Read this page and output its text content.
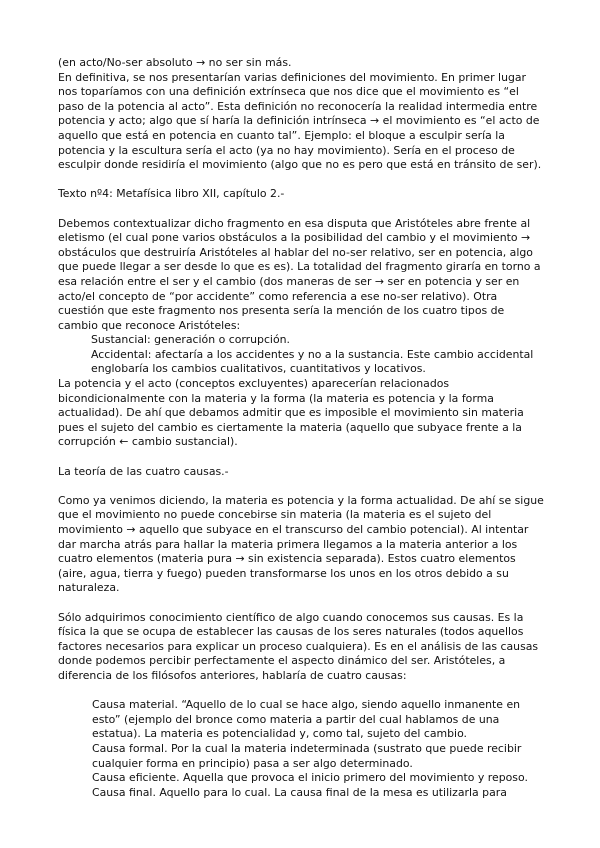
(en acto/No-ser absoluto → no ser sin más.

En definitiva, se nos presentarían varias definiciones del movimiento. En primer lugar nos toparíamos con una definición extrínseca que nos dice que el movimiento es “el paso de la potencia al acto”. Esta definición no reconocería la realidad intermedia entre potencia y acto; algo que sí haría la definición intrínseca → el movimiento es “el acto de aquello que está en potencia en cuanto tal”. Ejemplo: el bloque a esculpir sería la potencia y la escultura sería el acto (ya no hay movimiento). Sería en el proceso de esculpir donde residiría el movimiento (algo que no es pero que está en tránsito de ser).

Texto nº4: Metafísica libro XII, capítulo 2.-

Debemos contextualizar dicho fragmento en esa disputa que Aristóteles abre frente al eletismo (el cual pone varios obstáculos a la posibilidad del cambio y el movimiento → obstáculos que destruiría Aristóteles al hablar del no-ser relativo, ser en potencia, algo que puede llegar a ser desde lo que es es). La totalidad del fragmento giraría en torno a esa relación entre el ser y el cambio (dos maneras de ser → ser en potencia y ser en acto/el concepto de “por accidente” como referencia a ese no-ser relativo). Otra cuestión que este fragmento nos presenta sería la mención de los cuatro tipos de cambio que reconoce Aristóteles:

Sustancial: generación o corrupción.

Accidental: afectaría a los accidentes y no a la sustancia. Este cambio accidental englobaría los cambios cualitativos, cuantitativos y locativos.

La potencia y el acto (conceptos excluyentes) aparecerían relacionados bicondicionalmente con la materia y la forma (la materia es potencia y la forma actualidad). De ahí que debamos admitir que es imposible el movimiento sin materia pues el sujeto del cambio es ciertamente la materia (aquello que subyace frente a la corrupción ← cambio sustancial).

La teoría de las cuatro causas.-

Como ya venimos diciendo, la materia es potencia y la forma actualidad. De ahí se sigue que el movimiento no puede concebirse sin materia (la materia es el sujeto del movimiento → aquello que subyace en el transcurso del cambio potencial). Al intentar dar marcha atrás para hallar la materia primera llegamos a la materia anterior a los cuatro elementos (materia pura → sin existencia separada). Estos cuatro elementos (aire, agua, tierra y fuego) pueden transformarse los unos en los otros debido a su naturaleza.

Sólo adquirimos conocimiento científico de algo cuando conocemos sus causas. Es la física la que se ocupa de establecer las causas de los seres naturales (todos aquellos factores necesarios para explicar un proceso cualquiera). Es en el análisis de las causas donde podemos percibir perfectamente el aspecto dinámico del ser. Aristóteles, a diferencia de los filósofos anteriores, hablaría de cuatro causas:

Causa material. “Aquello de lo cual se hace algo, siendo aquello inmanente en esto” (ejemplo del bronce como materia a partir del cual hablamos de una estatua). La materia es potencialidad y, como tal, sujeto del cambio.

Causa formal. Por la cual la materia indeterminada (sustrato que puede recibir cualquier forma en principio) pasa a ser algo determinado.

Causa eficiente. Aquella que provoca el inicio primero del movimiento y reposo.

Causa final. Aquello para lo cual. La causa final de la mesa es utilizarla para
